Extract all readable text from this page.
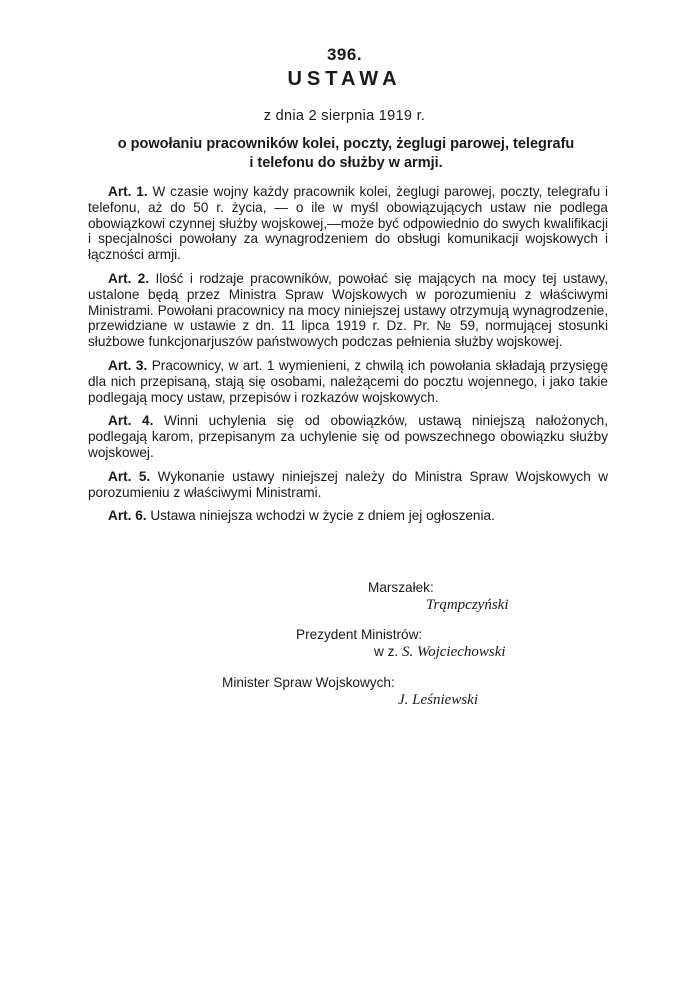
396.
USTAWA
z dnia 2 sierpnia 1919 r.
o powołaniu pracowników kolei, poczty, żeglugi parowej, telegrafu
i telefonu do służby w armji.

Art. 1. W czasie wojny każdy pracownik kolei, żeglugi parowej, poczty, telegrafu i telefonu, aż do 50 r. życia, — o ile w myśl obowiązujących ustaw nie podlega obowiązkowi czynnej służby wojskowej,—może być odpowiednio do swych kwalifikacji i specjalności powołany za wynagrodzeniem do obsługi komunikacji wojskowych i łączności armji.

Art. 2. Ilość i rodzaje pracowników, powołać się mających na mocy tej ustawy, ustalone będą przez Ministra Spraw Wojskowych w porozumieniu z właściwymi Ministrami. Powołani pracownicy na mocy niniejszej ustawy otrzymują wynagrodzenie, przewidziane w ustawie z dn. 11 lipca 1919 r. Dz. Pr. № 59, normującej stosunki służbowe funkcjonarjuszów państwowych podczas pełnienia służby wojskowej.

Art. 3. Pracownicy, w art. 1 wymienieni, z chwilą ich powołania składają przysięgę dla nich przepisaną, stają się osobami, należącemi do pocztu wojennego, i jako takie podlegają mocy ustaw, przepisów i rozkazów wojskowych.

Art. 4. Winni uchylenia się od obowiązków, ustawą niniejszą nałożonych, podlegają karom, przepisanym za uchylenie się od powszechnego obowiązku służby wojskowej.

Art. 5. Wykonanie ustawy niniejszej należy do Ministra Spraw Wojskowych w porozumieniu z właściwymi Ministrami.

Art. 6. Ustawa niniejsza wchodzi w życie z dniem jej ogłoszenia.

Marszałek:
Trąmpczyński
Prezydent Ministrów:
w z. S. Wojciechowski
Minister Spraw Wojskowych:
J. Leśniewski
